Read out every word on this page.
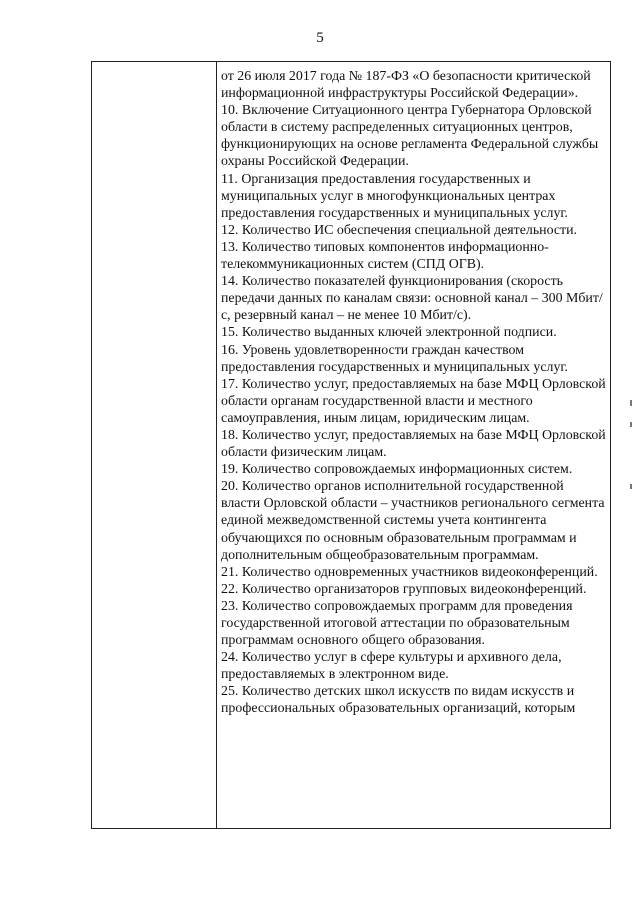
5

от 26 июля 2017 года № 187-ФЗ «О безопасности критической информационной инфраструктуры Российской Федерации».

10. Включение Ситуационного центра Губернатора Орловской области в систему распределенных ситуационных центров, функционирующих на основе регламента Федеральной службы охраны Российской Федерации.

11. Организация предоставления государственных и муниципальных услуг в многофункциональных центрах предоставления государственных и муниципальных услуг.

12. Количество ИС обеспечения специальной деятельности.

13. Количество типовых компонентов информационно-телекоммуникационных систем (СПД ОГВ).

14. Количество показателей функционирования (скорость передачи данных по каналам связи: основной канал – 300 Мбит/с, резервный канал – не менее 10 Мбит/с).

15. Количество выданных ключей электронной подписи.

16. Уровень удовлетворенности граждан качеством предоставления государственных и муниципальных услуг.

17. Количество услуг, предоставляемых на базе МФЦ Орловской области органам государственной власти и местного самоуправления, иным лицам, юридическим лицам.

18. Количество услуг, предоставляемых на базе МФЦ Орловской области физическим лицам.

19. Количество сопровождаемых информационных систем.

20. Количество органов исполнительной государственной власти Орловской области – участников регионального сегмента единой межведомственной системы учета контингента обучающихся по основным образовательным программам и дополнительным общеобразовательным программам.

21. Количество одновременных участников видеоконференций.

22. Количество организаторов групповых видеоконференций.

23. Количество сопровождаемых программ для проведения государственной итоговой аттестации по образовательным программам основного общего образования.

24. Количество услуг в сфере культуры и архивного дела, предоставляемых в электронном виде.

25. Количество детских школ искусств по видам искусств и профессиональных образовательных организаций, которым
